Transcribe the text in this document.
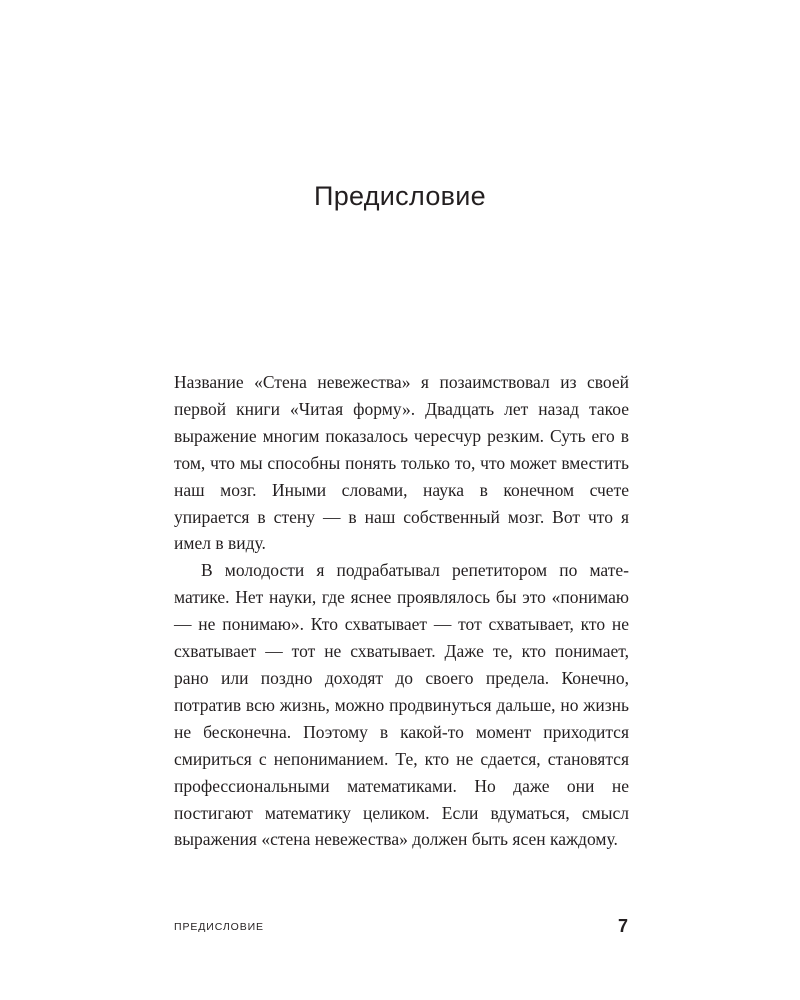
Предисловие

Название «Стена невежества» я позаимствовал из своей первой книги «Читая форму». Двадцать лет назад такое выражение многим показалось чересчур резким. Суть его в том, что мы способны понять только то, что может вместить наш мозг. Иными словами, наука в конечном счете упирается в стену — в наш собственный мозг. Вот что я имел в виду.

В молодости я подрабатывал репетитором по математике. Нет науки, где яснее проявлялось бы это «понимаю — не понимаю». Кто схватывает — тот схватывает, кто не схватывает — тот не схватывает. Даже те, кто понимает, рано или поздно доходят до своего предела. Конечно, потратив всю жизнь, можно продвинуться дальше, но жизнь не бесконечна. Поэтому в какой-то момент приходится смириться с непониманием. Те, кто не сдается, становятся профессиональными математиками. Но даже они не постигают математику целиком. Если вдуматься, смысл выражения «стена невежества» должен быть ясен каждому.

ПРЕДИСЛОВИЕ	7
